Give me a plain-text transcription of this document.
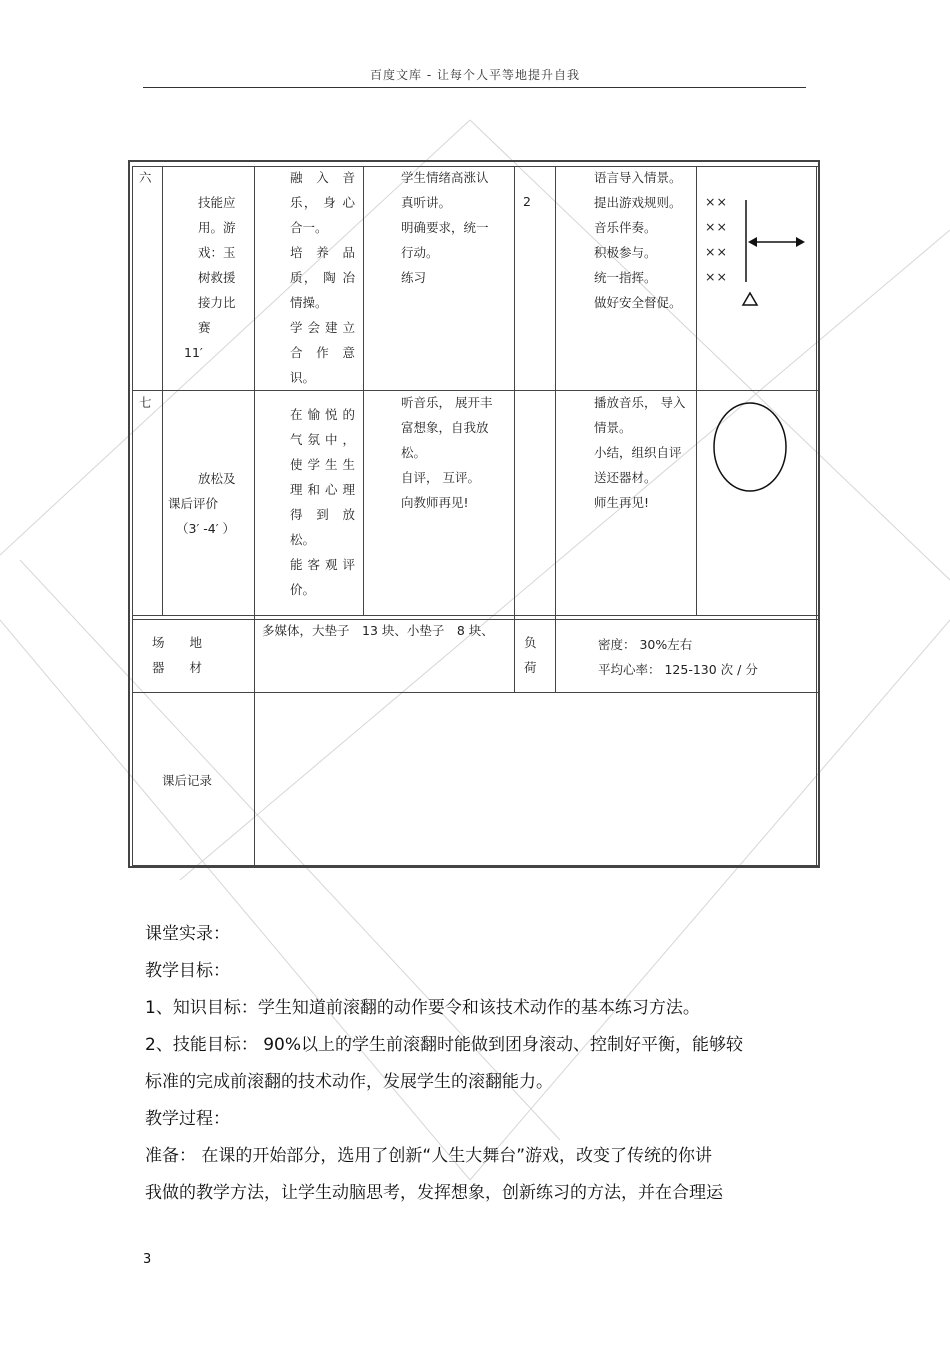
百度文库 - 让每个人平等地提升自我
六
技能应
用。游
戏：玉
树救援
接力比
赛
11′
融 入 音
乐， 身 心
合一。
培 养 品
质， 陶 冶
情操。
学 会 建 立
合 作 意
识。
学生情绪高涨认
真听讲。
明确要求，统一
行动。
练习
2
语言导入情景。
提出游戏规则。
音乐伴奏。
积极参与。
统一指挥。
做好安全督促。
××
××
××
××
七
放松及
课后评价
（3′ -4′ ）
在 愉 悦 的
气 氛 中 ，
使 学 生 生
理 和 心 理
得 到 放
松。
能 客 观 评
价。
听音乐， 展开丰
富想象，自我放
松。
自评， 互评。
向教师再见!
播放音乐， 导入
情景。
小结，组织自评
送还器材。
师生再见!
场　　地
器　　材
多媒体，大垫子　13 块、小垫子　8 块、
负
荷
密度： 30%左右
平均心率： 125-130 次 / 分
课后记录
课堂实录：
教学目标：
1、知识目标：学生知道前滚翻的动作要令和该技术动作的基本练习方法。
2、技能目标： 90%以上的学生前滚翻时能做到团身滚动、控制好平衡，能够较
标准的完成前滚翻的技术动作，发展学生的滚翻能力。
教学过程：
准备： 在课的开始部分，选用了创新“人生大舞台”游戏，改变了传统的你讲
我做的教学方法，让学生动脑思考，发挥想象，创新练习的方法，并在合理运
3
